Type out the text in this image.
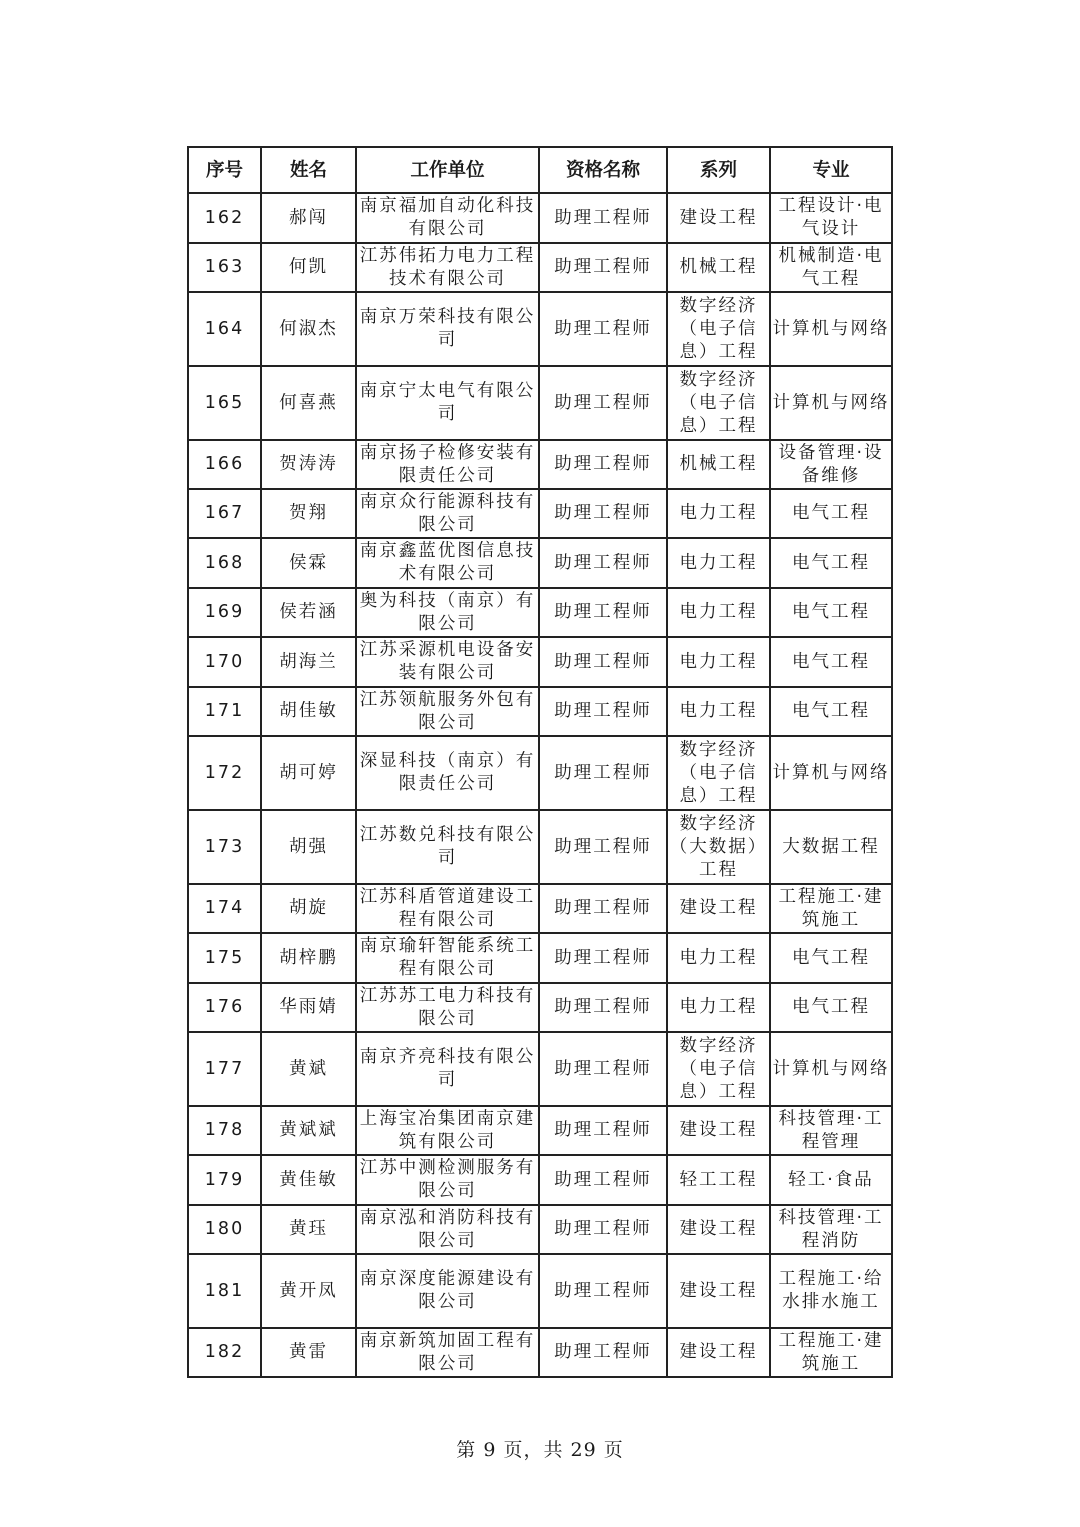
序号	姓名	工作单位	资格名称	系列	专业
162	郝闯	南京福加自动化科技有限公司	助理工程师	建设工程	工程设计·电气设计
163	何凯	江苏伟拓力电力工程技术有限公司	助理工程师	机械工程	机械制造·电气工程
164	何淑杰	南京万荣科技有限公司	助理工程师	数字经济（电子信息）工程	计算机与网络
165	何喜燕	南京宁太电气有限公司	助理工程师	数字经济（电子信息）工程	计算机与网络
166	贺涛涛	南京扬子检修安装有限责任公司	助理工程师	机械工程	设备管理·设备维修
167	贺翔	南京众行能源科技有限公司	助理工程师	电力工程	电气工程
168	侯霖	南京鑫蓝优图信息技术有限公司	助理工程师	电力工程	电气工程
169	侯若涵	奥为科技（南京）有限公司	助理工程师	电力工程	电气工程
170	胡海兰	江苏采源机电设备安装有限公司	助理工程师	电力工程	电气工程
171	胡佳敏	江苏领航服务外包有限公司	助理工程师	电力工程	电气工程
172	胡可婷	深显科技（南京）有限责任公司	助理工程师	数字经济（电子信息）工程	计算机与网络
173	胡强	江苏数兑科技有限公司	助理工程师	数字经济（大数据）工程	大数据工程
174	胡旋	江苏科盾管道建设工程有限公司	助理工程师	建设工程	工程施工·建筑施工
175	胡梓鹏	南京瑜轩智能系统工程有限公司	助理工程师	电力工程	电气工程
176	华雨婧	江苏苏工电力科技有限公司	助理工程师	电力工程	电气工程
177	黄斌	南京齐亮科技有限公司	助理工程师	数字经济（电子信息）工程	计算机与网络
178	黄斌斌	上海宝冶集团南京建筑有限公司	助理工程师	建设工程	科技管理·工程管理
179	黄佳敏	江苏中测检测服务有限公司	助理工程师	轻工工程	轻工·食品
180	黄珏	南京泓和消防科技有限公司	助理工程师	建设工程	科技管理·工程消防
181	黄开凤	南京深度能源建设有限公司	助理工程师	建设工程	工程施工·给水排水施工
182	黄雷	南京新筑加固工程有限公司	助理工程师	建设工程	工程施工·建筑施工
第 9 页，共 29 页
